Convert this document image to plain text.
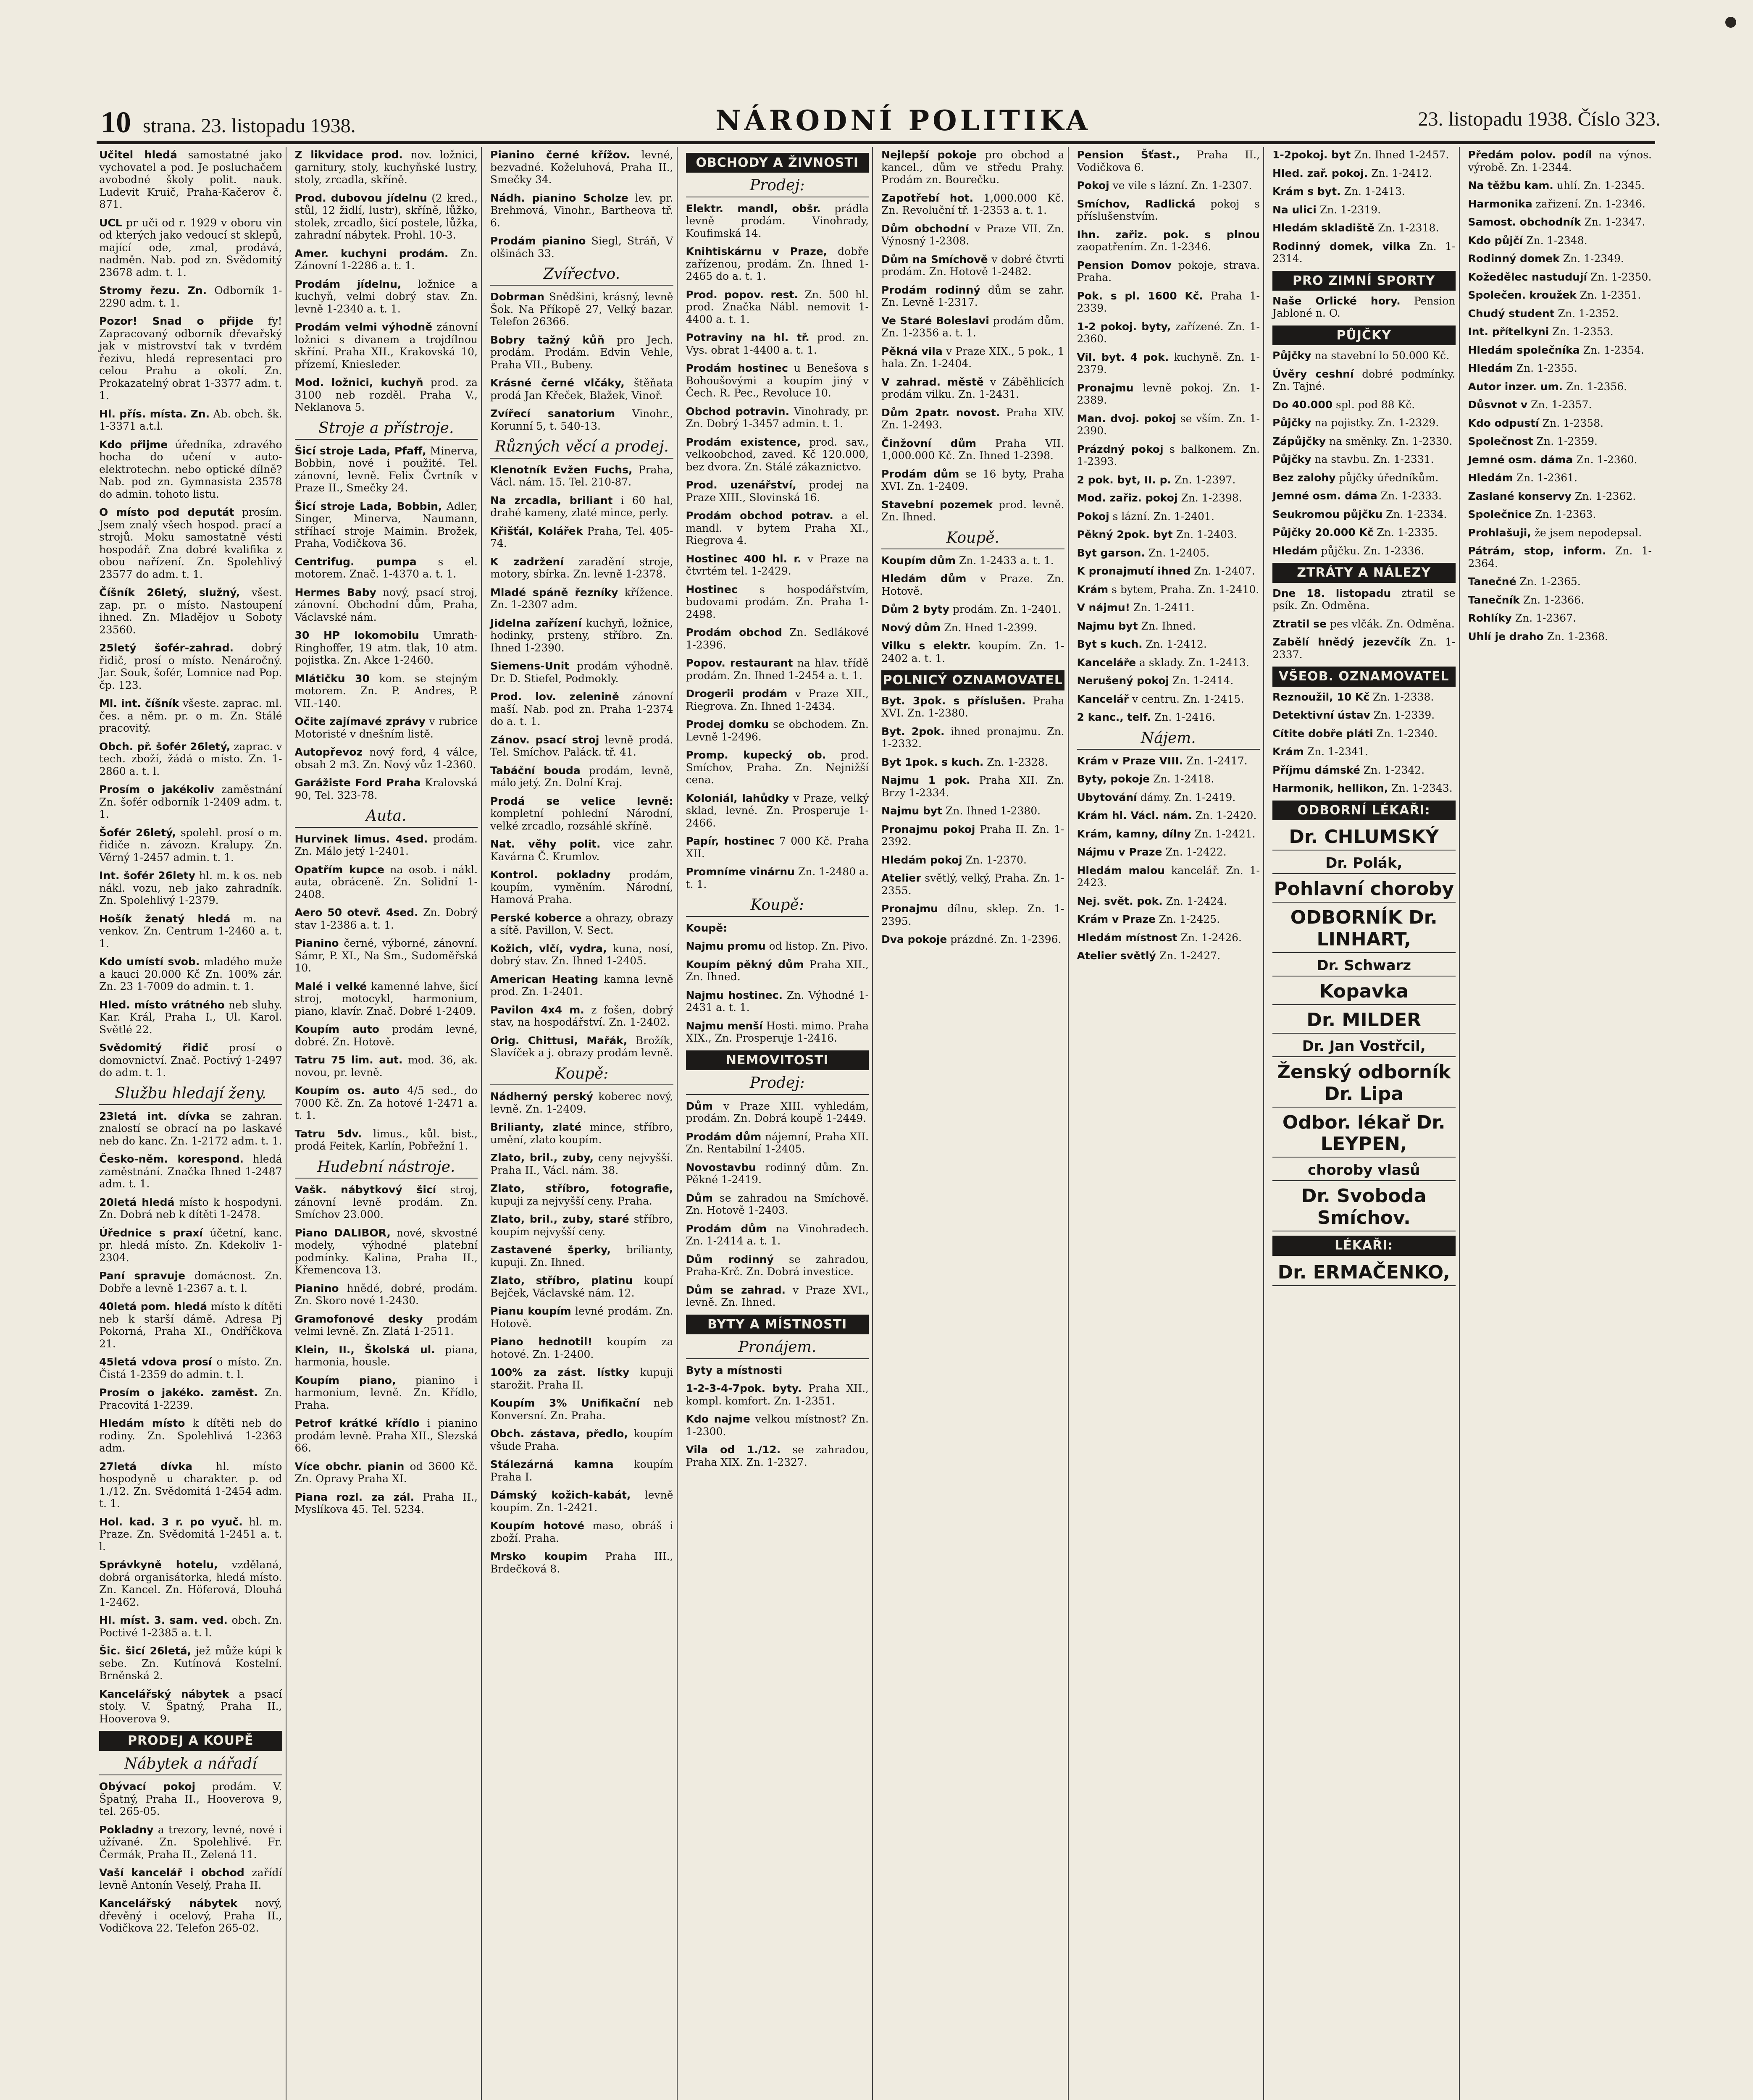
10 strana. 23. listopadu 1938.	NÁRODNÍ POLITIKA	23. listopadu 1938. Číslo 323.

Učitel hledá samostatné jako vychovatel a pod. Je posluchačem avobodné školy polit. nauk. Ludevit Kruič, Praha-Kačerov č. 871.

UCL pr uči od r. 1929 v oboru vin od kterých jako vedoucí st sklepů, mající ode, zmal, prodává, nadměn. Nab. pod zn. Svědomitý 23678 adm. t. 1.

Stromy řezu. Zn. Odborník 1-2290 adm. t. 1.

Pozor! Snad o přijde fy! Zapracovaný odborník dřevařský jak v mistrovství tak v tvrdém řezivu, hledá representaci pro celou Prahu a okolí. Zn. Prokazatelný obrat 1-3377 adm. t. 1.

Hl. přís. místa. Zn. Ab. obch. šk. 1-3371 a.t.l.

Kdo přijme úředníka, zdravého hocha do učení v auto-elektrotechn. nebo optické dílně? Nab. pod zn. Gymnasista 23578 do admin. tohoto listu.

O místo pod deputát prosím. Jsem znalý všech hospod. prací a strojů. Moku samostatně vésti hospodář. Zna dobré kvalifika z obou nařízení. Zn. Spolehlivý 23577 do adm. t. 1.

Číšník 26letý, služný, všest. zap. pr. o místo. Nastoupení ihned. Zn. Mladějov u Soboty 23560.

25letý šofér-zahrad. dobrý řidič, prosí o místo. Nenáročný. Jar. Souk, šofér, Lomnice nad Pop. čp. 123.

Ml. int. číšník všeste. zaprac. ml. čes. a něm. pr. o m. Zn. Stálé pracovitý.

Obch. př. šofér 26letý, zaprac. v tech. zboží, žádá o místo. Zn. 1-2860 a. t. l.

Prosím o jakékoliv zaměstnání Zn. šofér odborník 1-2409 adm. t. 1.

Šofér 26letý, spolehl. prosí o m. řidiče n. závozn. Kralupy. Zn. Věrný 1-2457 admin. t. 1.

Int. šofér 26lety hl. m. k os. neb nákl. vozu, neb jako zahradník. Zn. Spolehlivý 1-2379.

Hošík ženatý hledá m. na venkov. Zn. Centrum 1-2460 a. t. 1.

Kdo umístí svob. mladého muže a kauci 20.000 Kč Zn. 100% zár. Zn. 23 1-7009 do admin. t. 1.

Hled. místo vrátného neb sluhy. Kar. Král, Praha I., Ul. Karol. Světlé 22.

Svědomitý řidič prosí o domovnictví. Znač. Poctivý 1-2497 do adm. t. 1.

Službu hledají ženy.

23letá int. dívka se zahran. znalostí se obrací na po laskavé neb do kanc. Zn. 1-2172 adm. t. 1.

Česko-něm. korespond. hledá zaměstnání. Značka Ihned 1-2487 adm. t. 1.

20letá hledá místo k hospodyni. Zn. Dobrá neb k dítěti 1-2478.

Úřednice s praxí účetní, kanc. pr. hledá místo. Zn. Kdekoliv 1-2304.

Paní spravuje domácnost. Zn. Dobře a levně 1-2367 a. t. l.

40letá pom. hledá místo k dítěti neb k starší dámě. Adresa Pj Pokorná, Praha XI., Ondříčkova 21.

45letá vdova prosí o místo. Zn. Čistá 1-2359 do admin. t. l.

Prosím o jakéko. zaměst. Zn. Pracovitá 1-2239.

Hledám místo k dítěti neb do rodiny. Zn. Spolehlivá 1-2363 adm.

27letá dívka hl. místo hospodyně u charakter. p. od 1./12. Zn. Svědomitá 1-2454 adm. t. 1.

Hol. kad. 3 r. po vyuč. hl. m. Praze. Zn. Svědomitá 1-2451 a. t. l.

Správkyně hotelu, vzdělaná, dobrá organisátorka, hledá místo. Zn. Kancel. Zn. Höferová, Dlouhá 1-2462.

Hl. míst. 3. sam. ved. obch. Zn. Poctivé 1-2385 a. t. l.

Šic. šicí 26letá, jež může kúpi k sebe. Zn. Kutínová Kostelní. Brněnská 2.

Kancelářský nábytek a psací stoly. V. Špatný, Praha II., Hooverova 9.

PRODEJ A KOUPĚ
Nábytek a nářadí

Obývací pokoj prodám. V. Špatný, Praha II., Hooverova 9, tel. 265-05.

Pokladny a trezory, levné, nové i užívané. Zn. Spolehlivé. Fr. Čermák, Praha II., Zelená 11.

Vaší kancelář i obchod zařídí levně Antonín Veselý, Praha II.

Kancelářský nábytek nový, dřevěný i ocelový, Praha II., Vodičkova 22. Telefon 265-02.

Z likvidace prod. nov. ložnici, garnitury, stoly, kuchyňské lustry, stoly, zrcadla, skříně.

Prod. dubovou jídelnu (2 kred., stůl, 12 židlí, lustr), skříně, lůžko, stolek, zrcadlo, šicí postele, lůžka, zahradní nábytek. Prohl. 10-3.

Amer. kuchyni prodám. Zn. Zánovní 1-2286 a. t. 1.

Prodám jídelnu, ložnice a kuchyň, velmi dobrý stav. Zn. levně 1-2340 a. t. 1.

Prodám velmi výhodně zánovní ložnici s divanem a trojdílnou skříní. Praha XII., Krakovská 10, přízemí, Kniesleder.

Mod. ložnici, kuchyň prod. za 3100 neb rozděl. Praha V., Neklanova 5.

Stroje a přístroje.

Šicí stroje Lada, Pfaff, Minerva, Bobbin, nové i použité. Tel. zánovní, levně. Felix Čvrtník v Praze II., Smečky 24.

Šicí stroje Lada, Bobbin, Adler, Singer, Minerva, Naumann, stříhací stroje Maimin. Brožek, Praha, Vodičkova 36.

Centrifug. pumpa s el. motorem. Znač. 1-4370 a. t. 1.

Hermes Baby nový, psací stroj, zánovní. Obchodní dům, Praha, Václavské nám.

30 HP lokomobilu Umrath-Ringhoffer, 19 atm. tlak, 10 atm. pojistka. Zn. Akce 1-2460.

Mlátičku 30 kom. se stejným motorem. Zn. P. Andres, P. VII.-140.

Očite zajímavé zprávy v rubrice Motoristé v dnešním listě.

Autopřevoz nový ford, 4 válce, obsah 2 m3. Zn. Nový vůz 1-2360.

Garážiste Ford Praha Kralovská 90, Tel. 323-78.

Auta.

Hurvinek limus. 4sed. prodám. Zn. Málo jetý 1-2401.

Opatřím kupce na osob. i nákl. auta, obráceně. Zn. Solidní 1-2408.

Aero 50 otevř. 4sed. Zn. Dobrý stav 1-2386 a. t. 1.

Pianino černé, výborné, zánovní. Sámr, P. XI., Na Sm., Sudoměřská 10.

Malé i velké kamenné lahve, šicí stroj, motocykl, harmonium, piano, klavír. Znač. Dobré 1-2409.

Koupím auto prodám levné, dobré. Zn. Hotově.

Tatru 75 lim. aut. mod. 36, ak. novou, pr. levně.

Koupím os. auto 4/5 sed., do 7000 Kč. Zn. Za hotové 1-2471 a. t. 1.

Tatru 5dv. limus., kůl. bist., prodá Feitek, Karlín, Pobřežní 1.

Hudební nástroje.

Vašk. nábytkový šicí stroj, zánovní levně prodám. Zn. Smíchov 23.000.

Piano DALIBOR, nové, skvostné modely, výhodné platební podmínky. Kalina, Praha II., Křemencova 13.

Pianino hnědé, dobré, prodám. Zn. Skoro nové 1-2430.

Gramofonové desky prodám velmi levně. Zn. Zlatá 1-2511.

Klein, II., Školská ul. piana, harmonia, housle.

Koupím piano, pianino i harmonium, levně. Zn. Křídlo, Praha.

Petrof krátké křídlo i pianino prodám levně. Praha XII., Slezská 66.

Více obchr. pianin od 3600 Kč. Zn. Opravy Praha XI.

Piana rozl. za zál. Praha II., Myslíkova 45. Tel. 5234.

Pianino černé křížov. levné, bezvadné. Koželuhová, Praha II., Smečky 34.

Nádh. pianino Scholze lev. pr. Brehmová, Vinohr., Bartheova tř. 6.

Prodám pianino Siegl, Stráň, V olšinách 33.

Zvířectvo.

Dobrman Snědšini, krásný, levně Šok. Na Příkopě 27, Velký bazar. Telefon 26366.

Bobry tažný kůň pro Jech. prodám. Prodám. Edvin Vehle, Praha VII., Bubeny.

Krásné černé vlčáky, štěňata prodá Jan Křeček, Blažek, Vinoř.

Zvířecí sanatorium Vinohr., Korunní 5, t. 540-13.

Různých věcí a prodej.

Klenotník Evžen Fuchs, Praha, Václ. nám. 15. Tel. 210-87.

Na zrcadla, briliant i 60 hal, drahé kameny, zlaté mince, perly.

Křišťál, Kolářek Praha, Tel. 405-74.

K zadržení zaradění stroje, motory, sbírka. Zn. levně 1-2378.

Mladé spáně řezníky křížence. Zn. 1-2307 adm.

Jidelna zařízení kuchyň, ložnice, hodinky, prsteny, stříbro. Zn. Ihned 1-2390.

Siemens-Unit prodám výhodně. Dr. D. Stiefel, Podmokly.

Prod. lov. zelenině zánovní maší. Nab. pod zn. Praha 1-2374 do a. t. 1.

Zánov. psací stroj levně prodá. Tel. Smíchov. Paláck. tř. 41.

Tabáční bouda prodám, levně, málo jetý. Zn. Dolní Kraj.

Prodá se velice levně: kompletní pohlední Národní, velké zrcadlo, rozsáhlé skříně.

Nat. věhy polit. vice zahr. Kavárna Č. Krumlov.

Kontrol. pokladny prodám, koupím, vyměním. Národní, Hamová Praha.

Perské koberce a ohrazy, obrazy a sítě. Pavillon, V. Sect.

Kožich, vlčí, vydra, kuna, nosí, dobrý stav. Zn. Ihned 1-2405.

American Heating kamna levně prod. Zn. 1-2401.

Pavilon 4x4 m. z fošen, dobrý stav, na hospodářství. Zn. 1-2402.

Orig. Chittusi, Mařák, Brožík, Slavíček a j. obrazy prodám levně.

Koupě:

Nádherný perský koberec nový, levně. Zn. 1-2409.

Brilianty, zlaté mince, stříbro, umění, zlato koupím.

Zlato, bril., zuby, ceny nejvyšší. Praha II., Václ. nám. 38.

Zlato, stříbro, fotografie, kupuji za nejvyšší ceny. Praha.

Zlato, bril., zuby, staré stříbro, koupím nejvyšší ceny.

Zastavené šperky, brilianty, kupuji. Zn. Ihned.

Zlato, stříbro, platinu koupí Bejček, Václavské nám. 12.

Pianu koupím levné prodám. Zn. Hotově.

Piano hednotil! koupím za hotové. Zn. 1-2400.

100% za zást. lístky kupuji starožit. Praha II.

Koupím 3% Unifikační neb Konversní. Zn. Praha.

Obch. zástava, předlo, koupím všude Praha.

Stálezárná kamna koupím Praha I.

Dámský kožich-kabát, levně koupím. Zn. 1-2421.

Koupím hotové maso, obráš i zboží. Praha.

Mrsko koupim Praha III., Brdečková 8.

OBCHODY A ŽIVNOSTI
Prodej:

Elektr. mandl, obšr. prádla levně prodám. Vinohrady, Koufimská 14.

Knihtiskárnu v Praze, dobře zařízenou, prodám. Zn. Ihned 1-2465 do a. t. 1.

Prod. popov. rest. Zn. 500 hl. prod. Značka Nábl. nemovit 1-4400 a. t. 1.

Potraviny na hl. tř. prod. zn. Vys. obrat 1-4400 a. t. 1.

Prodám hostinec u Benešova s Bohoušovými a koupím jiný v Čech. R. Pec., Revoluce 10.

Obchod potravin. Vinohrady, pr. Zn. Dobrý 1-3457 admin. t. 1.

Prodám existence, prod. sav., velkoobchod, zaved. Kč 120.000, bez dvora. Zn. Stálé zákaznictvo.

Prod. uzenářství, prodej na Praze XIII., Slovinská 16.

Prodám obchod potrav. a el. mandl. v bytem Praha XI., Riegrova 4.

Hostinec 400 hl. r. v Praze na čtvrtém tel. 1-2429.

Hostinec s hospodářstvím, budovami prodám. Zn. Praha 1-2498.

Prodám obchod Zn. Sedlákové 1-2396.

Popov. restaurant na hlav. třídě prodám. Zn. Ihned 1-2454 a. t. 1.

Drogerii prodám v Praze XII., Riegrova. Zn. Ihned 1-2434.

Prodej domku se obchodem. Zn. Levně 1-2496.

Promp. kupecký ob. prod. Smíchov, Praha. Zn. Nejnižší cena.

Koloniál, lahůdky v Praze, velký sklad, levné. Zn. Prosperuje 1-2466.

Papír, hostinec 7 000 Kč. Praha XII.

Promníme vinárnu Zn. 1-2480 a. t. 1.

Koupě:

Koupě:

Najmu promu od listop. Zn. Pivo.

Koupím pěkný dům Praha XII., Zn. Ihned.

Najmu hostinec. Zn. Výhodné 1-2431 a. t. 1.

Najmu menší Hosti. mimo. Praha XIX., Zn. Prosperuje 1-2416.

NEMOVITOSTI
Prodej:

Dům v Praze XIII. vyhledám, prodám. Zn. Dobrá koupě 1-2449.

Prodám dům nájemní, Praha XII. Zn. Rentabilní 1-2405.

Novostavbu rodinný dům. Zn. Pěkné 1-2419.

Dům se zahradou na Smíchově. Zn. Hotově 1-2403.

Prodám dům na Vinohradech. Zn. 1-2414 a. t. 1.

Dům rodinný se zahradou, Praha-Krč. Zn. Dobrá investice.

Dům se zahrad. v Praze XVI., levně. Zn. Ihned.

BYTY A MÍSTNOSTI
Pronájem.

Byty a místnosti

1-2-3-4-7pok. byty. Praha XII., kompl. komfort. Zn. 1-2351.

Kdo najme velkou místnost? Zn. 1-2300.

Vila od 1./12. se zahradou, Praha XIX. Zn. 1-2327.

Nejlepší pokoje pro obchod a kancel., dům ve středu Prahy. Prodám zn. Bourečku.

Zapotřebí hot. 1,000.000 Kč. Zn. Revoluční tř. 1-2353 a. t. 1.

Dům obchodní v Praze VII. Zn. Výnosný 1-2308.

Dům na Smíchově v dobré čtvrti prodám. Zn. Hotově 1-2482.

Prodám rodinný dům se zahr. Zn. Levně 1-2317.

Ve Staré Boleslavi prodám dům. Zn. 1-2356 a. t. 1.

Pěkná vila v Praze XIX., 5 pok., 1 hala. Zn. 1-2404.

V zahrad. městě v Záběhlicích prodám vilku. Zn. 1-2431.

Dům 2patr. novost. Praha XIV. Zn. 1-2493.

Činžovní dům Praha VII. 1,000.000 Kč. Zn. Ihned 1-2398.

Prodám dům se 16 byty, Praha XVI. Zn. 1-2409.

Stavební pozemek prod. levně. Zn. Ihned.

Koupě.

Koupím dům Zn. 1-2433 a. t. 1.

Hledám dům v Praze. Zn. Hotově.

Dům 2 byty prodám. Zn. 1-2401.

Nový dům Zn. Hned 1-2399.

Vilku s elektr. koupím. Zn. 1-2402 a. t. 1.

POLNICÝ OZNAMOVATEL

Byt. 3pok. s příslušen. Praha XVI. Zn. 1-2380.

Byt. 2pok. ihned pronajmu. Zn. 1-2332.

Byt 1pok. s kuch. Zn. 1-2328.

Najmu 1 pok. Praha XII. Zn. Brzy 1-2334.

Najmu byt Zn. Ihned 1-2380.

Pronajmu pokoj Praha II. Zn. 1-2392.

Hledám pokoj Zn. 1-2370.

Atelier světlý, velký, Praha. Zn. 1-2355.

Pronajmu dílnu, sklep. Zn. 1-2395.

Dva pokoje prázdné. Zn. 1-2396.

Pension Šťast., Praha II., Vodičkova 6.

Pokoj ve vile s lázní. Zn. 1-2307.

Smíchov, Radlická pokoj s příslušenstvím.

Ihn. zařiz. pok. s plnou zaopatřením. Zn. 1-2346.

Pension Domov pokoje, strava. Praha.

Pok. s pl. 1600 Kč. Praha 1-2339.

1-2 pokoj. byty, zařízené. Zn. 1-2360.

Vil. byt. 4 pok. kuchyně. Zn. 1-2379.

Pronajmu levně pokoj. Zn. 1-2389.

Man. dvoj. pokoj se vším. Zn. 1-2390.

Prázdný pokoj s balkonem. Zn. 1-2393.

2 pok. byt, II. p. Zn. 1-2397.

Mod. zařiz. pokoj Zn. 1-2398.

Pokoj s lázní. Zn. 1-2401.

Pěkný 2pok. byt Zn. 1-2403.

Byt garson. Zn. 1-2405.

K pronajmutí ihned Zn. 1-2407.

Krám s bytem, Praha. Zn. 1-2410.

V nájmu! Zn. 1-2411.

Najmu byt Zn. Ihned.

Byt s kuch. Zn. 1-2412.

Kanceláře a sklady. Zn. 1-2413.

Nerušený pokoj Zn. 1-2414.

Kancelář v centru. Zn. 1-2415.

2 kanc., telf. Zn. 1-2416.

Nájem.

Krám v Praze VIII. Zn. 1-2417.

Byty, pokoje Zn. 1-2418.

Ubytování dámy. Zn. 1-2419.

Krám hl. Václ. nám. Zn. 1-2420.

Krám, kamny, dílny Zn. 1-2421.

Nájmu v Praze Zn. 1-2422.

Hledám malou kancelář. Zn. 1-2423.

Nej. svět. pok. Zn. 1-2424.

Krám v Praze Zn. 1-2425.

Hledám místnost Zn. 1-2426.

Atelier světlý Zn. 1-2427.

1-2pokoj. byt Zn. Ihned 1-2457.

Hled. zař. pokoj. Zn. 1-2412.

Krám s byt. Zn. 1-2413.

Na ulici Zn. 1-2319.

Hledám skladiště Zn. 1-2318.

Rodinný domek, vilka Zn. 1-2314.

PRO ZIMNÍ SPORTY

Naše Orlické hory. Pension Jabloné n. O.

PŮJČKY

Půjčky na stavební lo 50.000 Kč.

Úvěry ceshní dobré podmínky. Zn. Tajné.

Do 40.000 spl. pod 88 Kč.

Půjčky na pojistky. Zn. 1-2329.

Zápůjčky na směnky. Zn. 1-2330.

Půjčky na stavbu. Zn. 1-2331.

Bez zalohy půjčky úředníkům.

Jemné osm. dáma Zn. 1-2333.

Seukromou půjčku Zn. 1-2334.

Půjčky 20.000 Kč Zn. 1-2335.

Hledám půjčku. Zn. 1-2336.

ZTRÁTY A NÁLEZY

Dne 18. listopadu ztratil se psík. Zn. Odměna.

Ztratil se pes vlčák. Zn. Odměna.

Zabělí hnědý jezevčík Zn. 1-2337.

VŠEOB. OZNAMOVATEL

Reznoužil, 10 Kč Zn. 1-2338.

Detektivní ústav Zn. 1-2339.

Cítite dobře pláti Zn. 1-2340.

Krám Zn. 1-2341.

Příjmu dámské Zn. 1-2342.

Harmonik, hellikon, Zn. 1-2343.

ODBORNÍ LÉKAŘI:
Dr. CHLUMSKÝ
Dr. Polák,
Pohlavní choroby
ODBORNÍK Dr. LINHART,
Dr. Schwarz
Kopavka
Dr. MILDER
Dr. Jan Vostřcil,
Ženský odborník Dr. Lipa
Odbor. lékař Dr. LEYPEN,
choroby vlasů
Dr. Svoboda Smíchov.
LÉKAŘI:
Dr. ERMAČENKO,

Předám polov. podíl na výnos. výrobě. Zn. 1-2344.

Na těžbu kam. uhlí. Zn. 1-2345.

Harmonika zařizení. Zn. 1-2346.

Samost. obchodník Zn. 1-2347.

Kdo půjčí Zn. 1-2348.

Rodinný domek Zn. 1-2349.

Kožedělec nastudují Zn. 1-2350.

Společen. kroužek Zn. 1-2351.

Chudý student Zn. 1-2352.

Int. přítelkyni Zn. 1-2353.

Hledám společníka Zn. 1-2354.

Hledám Zn. 1-2355.

Autor inzer. um. Zn. 1-2356.

Důsvnot v Zn. 1-2357.

Kdo odpustí Zn. 1-2358.

Společnost Zn. 1-2359.

Jemné osm. dáma Zn. 1-2360.

Hledám Zn. 1-2361.

Zaslané konservy Zn. 1-2362.

Společnice Zn. 1-2363.

Prohlašuji, že jsem nepodepsal.

Pátrám, stop, inform. Zn. 1-2364.

Tanečné Zn. 1-2365.

Tanečník Zn. 1-2366.

Rohlíky Zn. 1-2367.

Uhlí je draho Zn. 1-2368.
